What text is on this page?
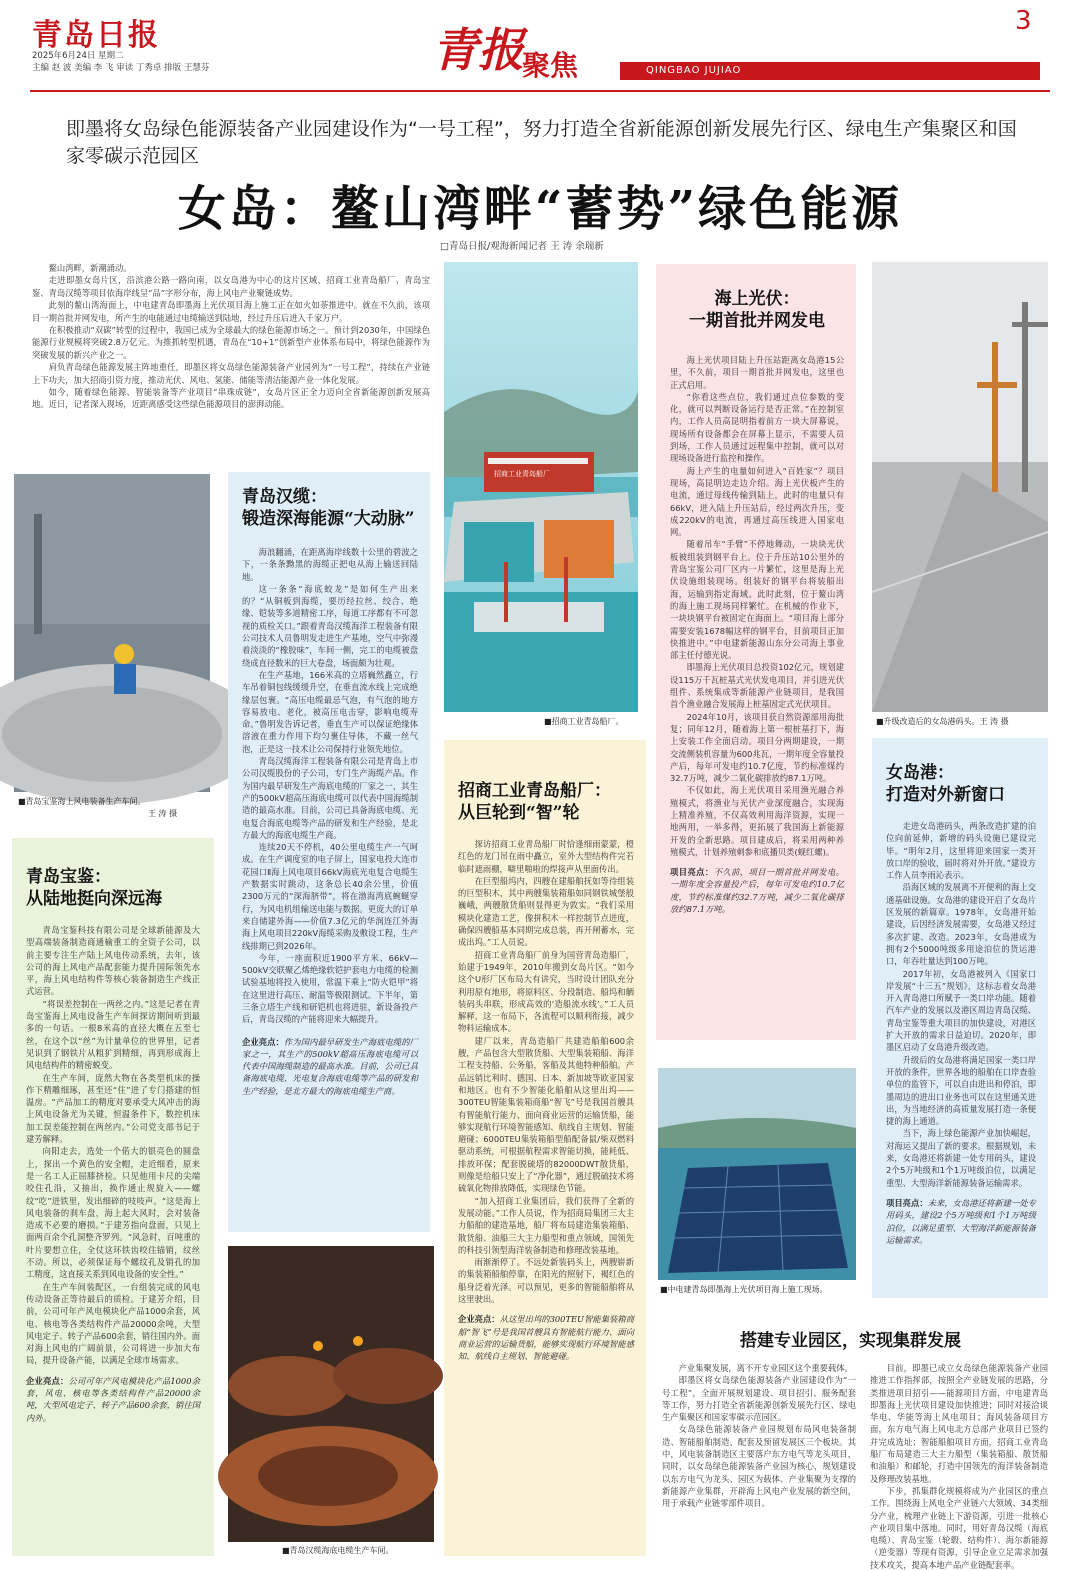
青岛日报
2025年6月24日 星期二
主编 赵 波 美编 李 飞 审读 丁秀卓 排版 王慧芬	青报
聚焦	QINGBAO JUJIAO
3
即墨将女岛绿色能源装备产业园建设作为“一号工程”，努力打造全省新能源创新发展先行区、绿电生产集聚区和国家零碳示范园区
女岛：鳌山湾畔“蓄势”绿色能源
□青岛日报/观海新闻记者 王 涛 余瑞新

鳌山湾畔，新潮涌动。

走进即墨女岛片区，沿滨港公路一路向南，以女岛港为中心的这片区域，招商工业青岛船厂、青岛宝鉴、青岛汉缆等项目依海岸线呈“品”字形分布，海上风电产业聚链成势。

此刻的鳌山湾海面上，中电建青岛即墨海上光伏项目海上施工正在如火如荼推进中。就在不久前，该项目一期首批并网发电，所产生的电能通过电缆输送到陆地，经过升压后进入千家万户。

在积极推动“双碳”转型的过程中，我国已成为全球最大的绿色能源市场之一。预计到2030年，中国绿色能源行业规模将突破2.8万亿元。为推抓转型机遇，青岛在“10+1”创新型产业体系布局中，将绿色能源作为突破发展的新兴产业之一。

肩负青岛绿色能源发展主阵地重任，即墨区将女岛绿色能源装备产业园列为“一号工程”，持续在产业链上下功夫，加大招商引资力度，推动光伏、风电、氢能、储能等清洁能源产业一体化发展。

如今，随着绿色能源、智能装备等产业项目“串珠成链”，女岛片区正全力迈向全省新能源创新发展高地。近日，记者深入现场，近距离感受这些绿色能源项目的澎湃动能。

招商工业青岛船厂
■招商工业青岛船厂。	■升级改造后的女岛港码头。王 涛 摄
■青岛宝鉴海上风电装备生产车间。
王 涛 摄
青岛宝鉴：
从陆地挺向深远海

青岛宝鉴科技有限公司是全球新能源及大型高端装备制造商通榆重工的全资子公司，以前主要专注生产陆上风电传动系统，去年，该公司的海上风电产品配套能力提升国际领先水平，海上风电结构件等核心装备制造生产线正式运营。

“将误差控制在一两丝之内。”这是记者在青岛宝鉴海上风电设备生产车间探访期间听到最多的一句话。一根8米高的直径大概在五至七丝，在这个以“丝”为计量单位的世界里，记者见识到了钢铁片从粗犷到精细，再到形成海上风电结构件的精密蜕变。

在生产车间，庞然大物在各类型机床的操作下精雕细琢，甚至还“住”进了专门搭建的恒温房。“产品加工的精度对要承受大风冲击的海上风电设备尤为关键，恒温条件下，数控机床加工误差能控制在两丝内。”公司党支部书记于建芳解释。

向阳走去，选处一个偌大的银亮色的圆盘上，探出一个黄色的安全帽，走近细看，原来是一名工人正屈膝挤检。只见他用卡尺的尖端咬住孔沿，又抽出，换作通止规旋入——螺纹“吃”进铁里，发出细碎的吱吱声。“这是海上风电装备的刹车盘，海上起大风时，会对装备造成不必要的磨损。”于建芳指向盘面，只见上面两百余个孔洞整齐罗列。“风急时，百吨重的叶片要想立住，全仗这环铁齿咬住锚销，纹丝不动。所以，必须保证每个螺纹孔及销孔的加工精度，这直接关系到风电设备的安全性。”

在生产车间装配区，一台组装完成的风电传动设备正等待最后的质检。于建芳介绍，目前，公司可年产风电模块化产品1000余套，风电、核电等各类结构件产品20000余吨，大型风电定子、转子产品600余套，销往国内外。面对海上风电的广阔前景，公司将进一步加大布局，提升设备产能，以满足全球市场需求。

企业亮点：公司可年产风电模块化产品1000余套，风电、核电等各类结构件产品20000余吨，大型风电定子、转子产品600余套，销往国内外。
青岛汉缆：
锻造深海能源“大动脉”

海浪翻涌，在距离海岸线数十公里的碧波之下，一条条黝黑的海缆正把电从海上输送回陆地。

这一条条“海底蛟龙”是如何生产出来的？“从铜板到海缆，要历经拉丝、绞合、绝缘、铠装等多道精密工序，每道工序都有不可忽视的质检关口。”跟着青岛汉缆海洋工程装备有限公司技术人员鲁明发走进生产基地，空气中弥漫着淡淡的“橡胶味”，车间一侧，完工的电缆被盘绕成直径数米的巨大卷盘，场面颇为壮观。

在生产基地，166米高的立塔巍然矗立，行车吊着铜包线缓缓升空，在垂直流水线上完成绝缘层包裹。“高压电缆最忌气泡，有气泡的地方容易放电、老化，被高压电击穿，影响电缆寿命。”鲁明发告诉记者，垂直生产可以保证绝缘体溶液在重力作用下均匀裹住导体，不藏一丝气泡，正是这一技术让公司保持行业领先地位。

青岛汉缆海洋工程装备有限公司是青岛上市公司汉缆股份的子公司，专门生产海缆产品。作为国内最早研发生产海底电缆的厂家之一，其生产的500kV超高压海底电缆可以代表中国海缆制造的最高水准。目前，公司已具备海底电缆、光电复合海底电缆等产品的研发和生产经验，是北方最大的海底电缆生产商。

连续20天不停机，40公里电缆生产一气呵成。在生产调度室的电子屏上，国家电投大连市花园口Ⅱ海上风电项目66kV海底光电复合电缆生产数据实时跳动，这条总长40余公里，价值2300万元的“深海脐带”，将在渤海湾底蜿蜒穿行，为风电机组输送电能与数据。更庞大的订单来自储建外海——价值7.3亿元的华润连江外海海上风电项目220kV海缆采购及敷设工程，生产线排期已到2026年。

今年，一座面积近1900平方米、66kV—500kV交联聚乙烯绝缘软铠护套电力电缆的检测试验基地将投入使用，常温下乘上“防火铠甲”将在这里进行高压、耐温等极限测试。下半年，第三条立塔生产线和研铠机也将进驻，新设备投产后，青岛汉缆的产能将迎来大幅提升。

企业亮点：作为国内最早研发生产海底电缆的厂家之一，其生产的500kV超高压海底电缆可以代表中国海缆制造的最高水准。目前，公司已具备海底电缆、光电复合海底电缆等产品的研发和生产经验，是北方最大的海底电缆生产商。
■青岛汉缆海底电缆生产车间。
招商工业青岛船厂：
从巨轮到“智”轮

探访招商工业青岛船厂时恰逢细雨蒙蒙，橙红色的龙门吊在雨中矗立，室外大型结构件完若临时遮雨棚，噼里啪啦的焊接声从里面传出。

在巨型船坞内，四艘在建船舶抚如等待组装的巨型积木，其中两艘集装箱船如同钢铁城堡般巍峨，两艘散货船则显得更为敦实。“我们采用模块化建造工艺，像拼积木一样控制节点进度，确保四艘船基本同期完成总装，再开闸蓄水，完成出坞。”工人员说。

招商工业青岛船厂前身为国营青岛造船厂，始建于1949年，2010年搬到女岛片区。“如今这个U形厂区布局大有讲究，当时设计团队充分利用原有地形，将原料区、分段制造、船坞和舾装码头串联，形成高效的‘造船流水线’。”工人员解释，这一布局下，各流程可以顺利衔接，减少物料运输成本。

建厂以来，青岛造船厂共建造船舶600余艘，产品包含大型散货船、大型集装箱船、海洋工程支持船、公务船，客船及其他特种船舶。产品远销比利时、德国、日本、新加坡等欧亚国家和地区。也有不少智能化船舶从这里出坞——300TEU智能集装箱商船“智飞”号是我国首艘具有智能航行能力、面向商业运营的运输货船，能够实现航行环境智能感知、航线自主规划、智能避碰；6000TEU集装箱船型船配备鼠/柴双燃料驱动系统，可根据航程需求智能切换，能耗低、排放环保；配套脱硫塔的82000DWT散货船，则像是给船只安上了“净化器”，通过脱硫技术将硫氧化物排放降低，实现绿色节能。

“加入招商工业集团后，我们获得了全新的发展动能。”工作人员说，作为招商局集团三大主力船舶的建造基地，船厂将布局建造集装箱船、散货船、油船三大主力船型和重点领域，国领先的科技引领型海洋装备制造和修理改装基地。

雨渐渐停了。不远处新装码头上，两艘崭新的集装箱船舶停靠，在阳光的照射下，褐红色的船身泛着光泽。可以预见，更多的智能船舶将从这里驶出。

企业亮点：从这里出坞的300TEU智能集装箱商船“智飞”号是我国首艘具有智能航行能力、面向商业运营的运输货船，能够实现航行环境智能感知、航线自主规划、智能避碰。
海上光伏：
一期首批并网发电

海上光伏项目陆上升压站距离女岛港15公里，不久前，项目一期首批并网发电，这里也正式启用。

“你看这些点位，我们通过点位参数的变化，就可以判断设备运行是否正常。”在控制室内，工作人员高昆明指着前方一块大屏幕说，现场所有设备都会在屏幕上显示，不需要人员到场，工作人员通过远程集中控制，就可以对现场设备进行监控和操作。

海上产生的电量如何进入“百姓家”？项目现场，高昆明边走边介绍。海上光伏板产生的电流，通过母线传输到陆上，此时的电量只有66kV，进入陆上升压站后，经过两次升压，变成220kV的电流，再通过高压线进入国家电网。

随着吊车“手臂”不停地舞动，一块块光伏板被组装到钢平台上。位于升压站10公里外的青岛宝鉴公司厂区内一片繁忙，这里是海上光伏设施组装现场。组装好的钢平台将装船出海，运输到指定海域。此时此刻，位于鳌山湾的海上施工现场同样繁忙。在机械的作业下，一块块钢平台被固定在海面上。“项目海上部分需要安装1678幅这样的钢平台，目前项目正加快推进中。”中电建新能源山东分公司海上事业部主任付德光说。

即墨海上光伏项目总投资102亿元，规划建设115万千瓦桩基式光伏发电项目，并引进光伏组件、系统集成等新能源产业链项目，是我国首个渔业融合发展海上桩基固定式光伏项目。

2024年10月，该项目获自然资源部用海批复；同年12月，随着海上第一根桩基打下，海上安装工作全面启动。项目分两期建设，一期交流侧装机容量为600兆瓦，一期年度全容量投产后，每年可发电约10.7亿度，节约标准煤约32.7万吨，减少二氧化碳排放约87.1万吨。

不仅如此，海上光伏项目采用渔光融合养殖模式，将渔业与光伏产业深度融合，实现海上精准养殖，不仅高效利用海洋资源，实现一地两用，一举多得，更拓展了我国海上新能源开发的全新思路。项目建成后，将采用两种养殖模式，计划养殖刺参和底播贝类(蚬红螺)。

项目亮点：不久前，项目一期首批并网发电。一期年度全容量投产后，每年可发电约10.7亿度，节约标准煤约32.7万吨，减少二氧化碳排放约87.1万吨。
■中电建青岛即墨海上光伏项目海上施工现场。
女岛港：
打造对外新窗口

走进女岛港码头，两条改造扩建的泊位向前延伸，新增的码头设施已建设完毕。“明年2月，这里将迎来国家一类开放口岸的验收，届时将对外开放。”建设方工作人员李雨沁表示。

沿海区域的发展离不开便利的海上交通基础设施。女岛港的建设开启了女岛片区发展的新篇章。1978年，女岛港开始建设，后因经济发展需要，女岛港又经过多次扩建、改造。2023年，女岛港成为拥有2个5000吨级多用途泊位的货运港口，年吞吐量达到100万吨。

2017年初，女岛港被列入《国家口岸发展“十三五”规划》，这标志着女岛港开入青岛港口所赋予一类口岸功能。随着汽车产业的发展以及港区周边青岛汉缆、青岛宝鉴等重大项目的加快建设，对港区扩大开放的需求日益迫切。2020年，即墨区启动了女岛港升级改造。

升级后的女岛港将满足国家一类口岸开放的条件，世界各地的船舶在口岸查验单位的监管下，可以自由进出和停泊，即墨周边的进出口业务也可以在这里通关进出，为当地经济的高质量发展打造一条便捷的海上通道。

当下，海上绿色能源产业加快崛起，对海运又提出了新的要求。根据规划，未来，女岛港还将新建一处专用码头，建设2个5万吨级和1个1万吨级泊位，以满足重型、大型海洋新能源装备运输需求。

项目亮点：未来，女岛港还将新建一处专用码头，建设2个5万吨级和1个1万吨级泊位，以满足重型、大型海洋新能源装备运输需求。
搭建专业园区，实现集群发展

产业集聚发展，离不开专业园区这个重要载体。

即墨区将女岛绿色能源装备产业园建设作为“一号工程”，全面开展规划建设、项目招引、服务配套等工作，努力打造全省新能源创新发展先行区、绿电生产集聚区和国家零碳示范园区。

女岛绿色能源装备产业园规划布局风电装备制造、智能船舶制造、配套及预留发展区三个板块。其中，风电装备制造区主要落户东方电气等龙头项目，同时，以女岛绿色能源装备产业园为核心，规划建设以东方电气为龙头、园区为载体、产业集聚为支撑的新能源产业集群，开辟海上风电产业发展的新空间，用于承载产业链零部件项目。

目前，即墨已成立女岛绿色能源装备产业园推进工作指挥部，按照全产业链发展的思路，分类推进项目招引——能源项目方面，中电建青岛即墨海上光伏项目建设加快推进；同时对接洽谈华电、华能等海上风电项目；海风装备项目方面，东方电气海上风电北方总部产业项目已签约并完成选址；智能船舶项目方面，招商工业青岛船厂布局建造三大主力船型（集装箱船、散货船和油船）和邮轮，打造中国领先的海洋装备制造及修理改装基地。

下步，抓集群化规模将成为产业园区的重点工作。围绕海上风电全产业链六大领域、34类细分产业，梳理产业链上下游资源，引进一批核心产业项目集中落地。同时，用好青岛汉缆（海底电缆）、青岛宝鉴（轮毂、结构件）、海尔新能源（逆变器）等现有资源，引导企业立足需求加强技术攻关，提高本地产品产业链配套率。
